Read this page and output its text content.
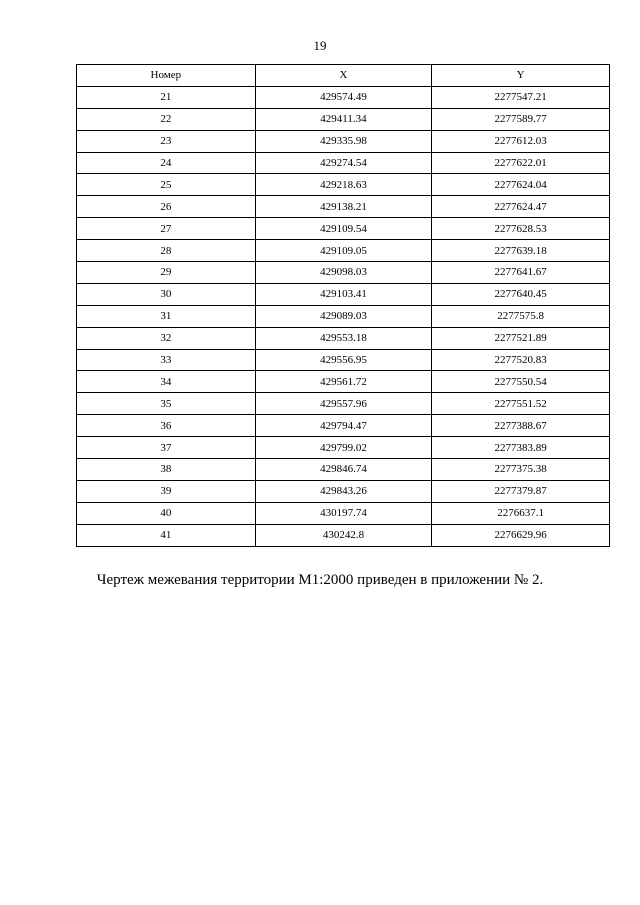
19
Номер	X	Y
21	429574.49	2277547.21
22	429411.34	2277589.77
23	429335.98	2277612.03
24	429274.54	2277622.01
25	429218.63	2277624.04
26	429138.21	2277624.47
27	429109.54	2277628.53
28	429109.05	2277639.18
29	429098.03	2277641.67
30	429103.41	2277640.45
31	429089.03	2277575.8
32	429553.18	2277521.89
33	429556.95	2277520.83
34	429561.72	2277550.54
35	429557.96	2277551.52
36	429794.47	2277388.67
37	429799.02	2277383.89
38	429846.74	2277375.38
39	429843.26	2277379.87
40	430197.74	2276637.1
41	430242.8	2276629.96
Чертеж межевания территории М1:2000 приведен в приложении № 2.
